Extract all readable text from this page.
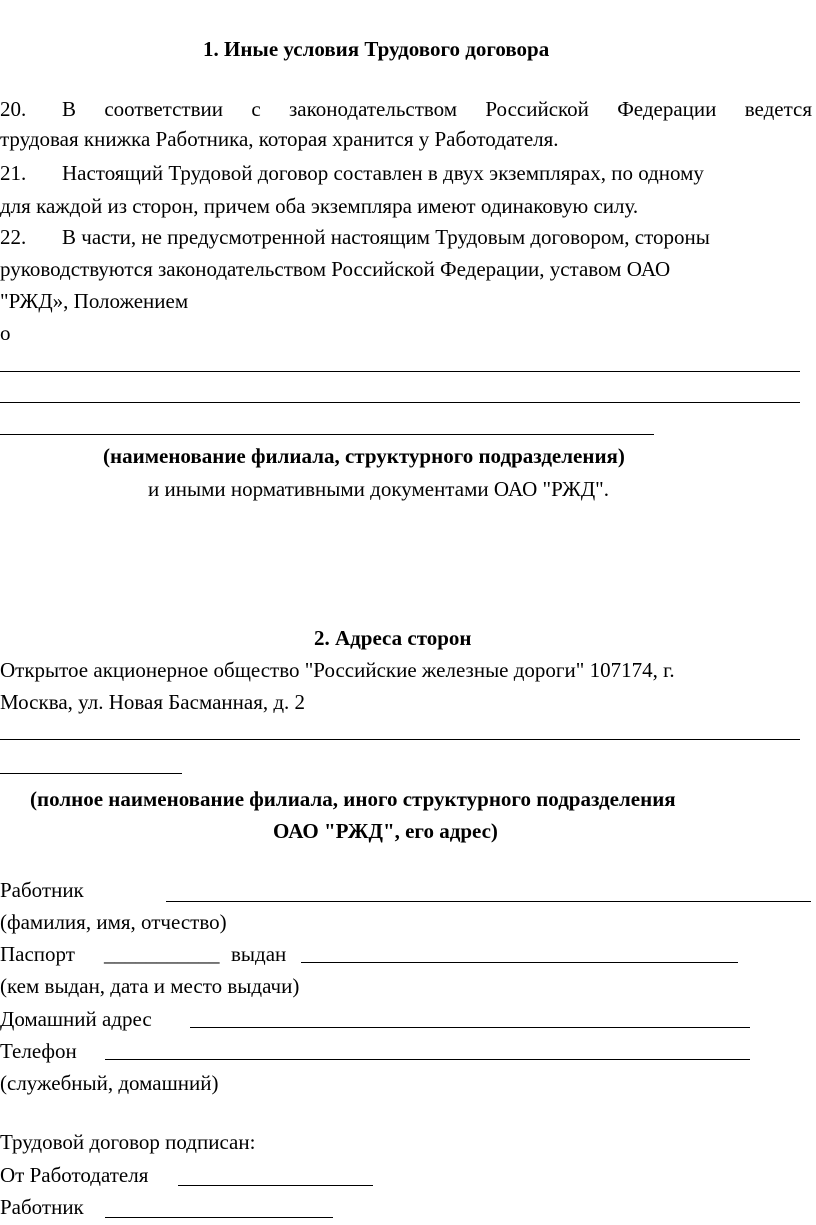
1. Иные условия Трудового договора
20. В соответствии с законодательством Российской Федерации ведется
трудовая книжка Работника, которая хранится у Работодателя.
21. Настоящий Трудовой договор составлен в двух экземплярах, по одному
для каждой из сторон, причем оба экземпляра имеют одинаковую силу.
22. В части, не предусмотренной настоящим Трудовым договором, стороны
руководствуются законодательством Российской Федерации, уставом ОАО
"РЖД», Положением
о
(наименование филиала, структурного подразделения)
и иными нормативными документами ОАО "РЖД".
2. Адреса сторон
Открытое акционерное общество "Российские железные дороги" 107174, г.
Москва, ул. Новая Басманная, д. 2
(полное наименование филиала, иного структурного подразделения
ОАО "РЖД", его адрес)
Работник
(фамилия, имя, отчество)
Паспорт ___________ выдан
(кем выдан, дата и место выдачи)
Домашний адрес
Телефон
(служебный, домашний)
Трудовой договор подписан:
От Работодателя
Работник
